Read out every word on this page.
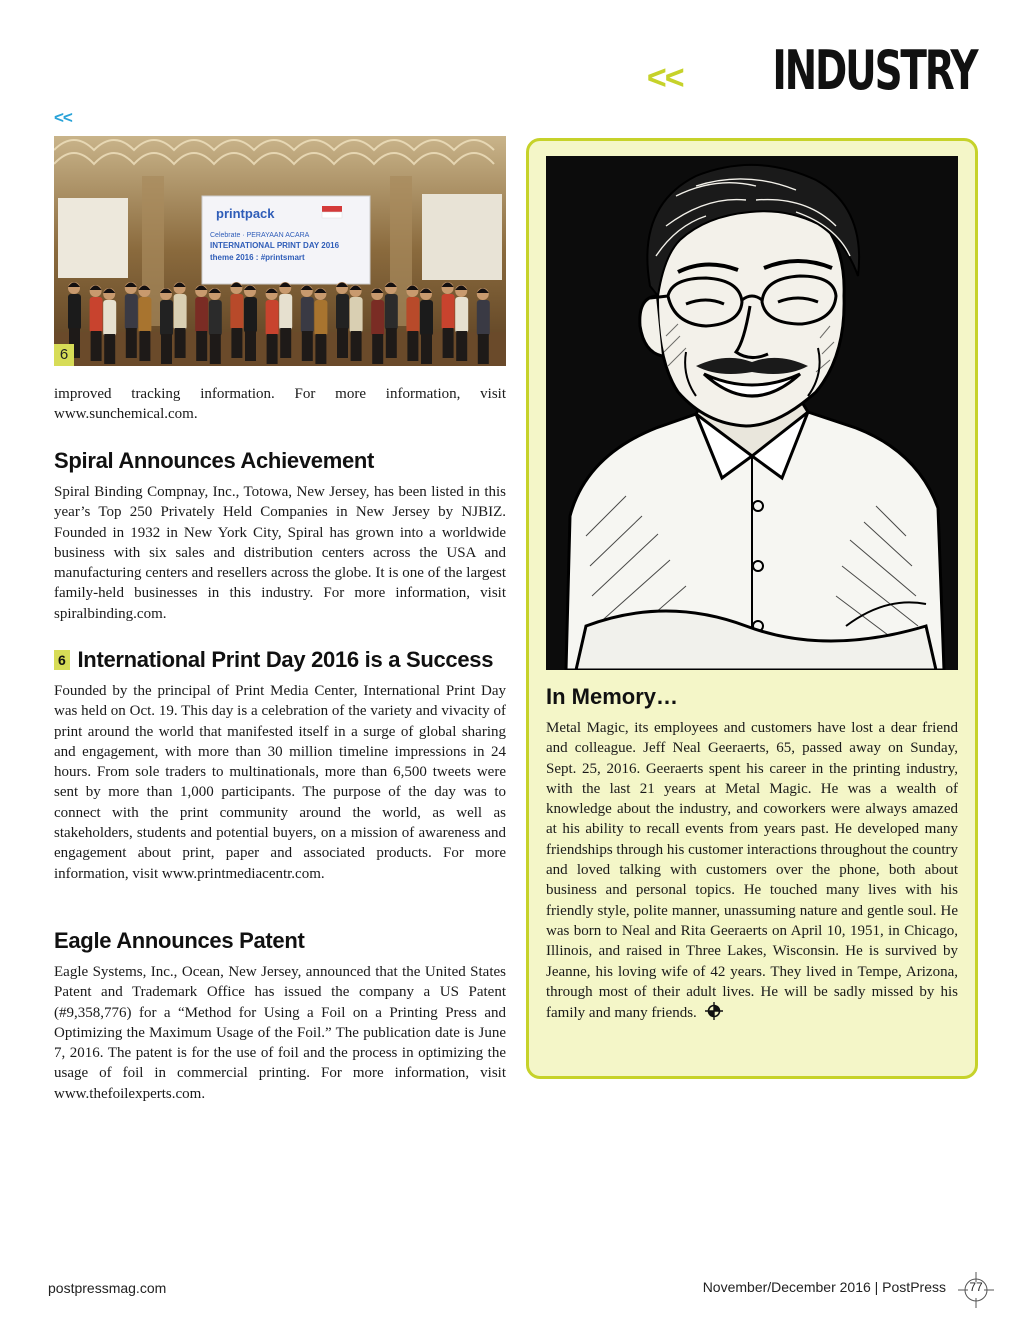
<< INDUSTRY
<<
printpack
Celebrate · PERAYAAN ACARA
INTERNATIONAL PRINT DAY 2016
theme 2016 : #printsmart
6

improved tracking information. For more information, visit www.sunchemical.com.

Spiral Announces Achievement

Spiral Binding Compnay, Inc., Totowa, New Jersey, has been listed in this year’s Top 250 Privately Held Companies in New Jersey by NJBIZ. Founded in 1932 in New York City, Spiral has grown into a worldwide business with six sales and distribution centers across the USA and manufacturing centers and resellers across the globe. It is one of the largest family-held businesses in this industry. For more information, visit spiralbinding.com.

6 International Print Day 2016 is a Success

Founded by the principal of Print Media Center, International Print Day was held on Oct. 19. This day is a celebration of the variety and vivacity of print around the world that manifested itself in a surge of global sharing and engagement, with more than 30 million timeline impressions in 24 hours. From sole traders to multinationals, more than 6,500 tweets were sent by more than 1,000 participants. The purpose of the day was to connect with the print community around the world, as well as stakeholders, students and potential buyers, on a mission of awareness and engagement about print, paper and associated products. For more information, visit www.printmediacentr.com.

Eagle Announces Patent

Eagle Systems, Inc., Ocean, New Jersey, announced that the United States Patent and Trademark Office has issued the company a US Patent (#9,358,776) for a “Method for Using a Foil on a Printing Press and Optimizing the Maximum Usage of the Foil.” The publication date is June 7, 2016. The patent is for the use of foil and the process in optimizing the usage of foil in commercial printing. For more information, visit www.thefoilexperts.com.

In Memory…

Metal Magic, its employees and customers have lost a dear friend and colleague. Jeff Neal Geeraerts, 65, passed away on Sunday, Sept. 25, 2016. Geeraerts spent his career in the printing industry, with the last 21 years at Metal Magic. He was a wealth of knowledge about the industry, and coworkers were always amazed at his ability to recall events from years past. He developed many friendships through his customer interactions throughout the country and loved talking with customers over the phone, both about business and personal topics. He touched many lives with his friendly style, polite manner, unassuming nature and gentle soul. He was born to Neal and Rita Geeraerts on April 10, 1951, in Chicago, Illinois, and raised in Three Lakes, Wisconsin. He is survived by Jeanne, his loving wife of 42 years. They lived in Tempe, Arizona, through most of their adult lives. He will be sadly missed by his family and many friends.

postpressmag.com	November/December 2016 | PostPress	77
